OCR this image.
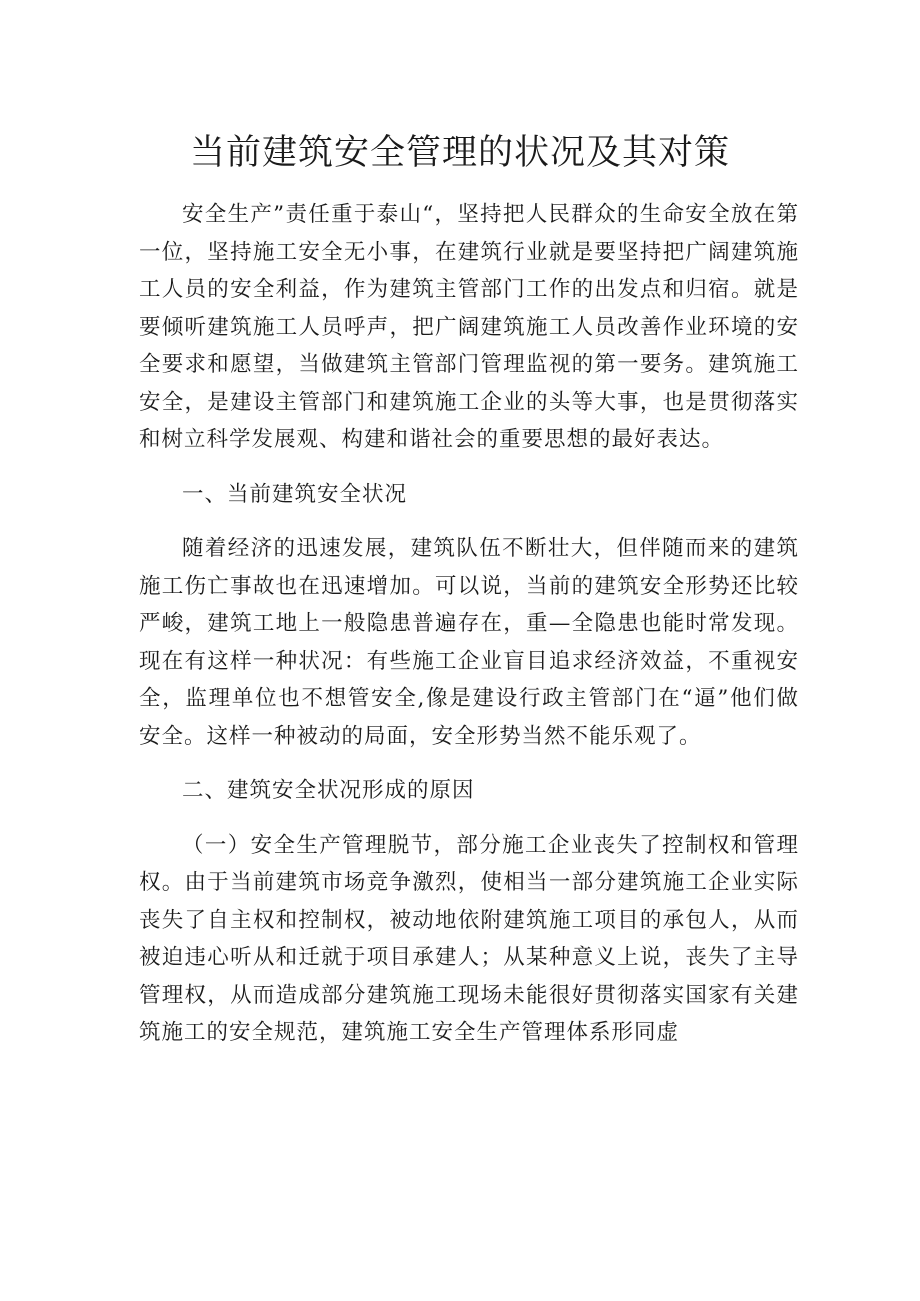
当前建筑安全管理的状况及其对策

安全生产”责任重于泰山“，坚持把人民群众的生命安全放在第一位，坚持施工安全无小事，在建筑行业就是要坚持把广阔建筑施工人员的安全利益，作为建筑主管部门工作的出发点和归宿。就是要倾听建筑施工人员呼声，把广阔建筑施工人员改善作业环境的安全要求和愿望，当做建筑主管部门管理监视的第一要务。建筑施工安全，是建设主管部门和建筑施工企业的头等大事，也是贯彻落实和树立科学发展观、构建和谐社会的重要思想的最好表达。

一、当前建筑安全状况

随着经济的迅速发展，建筑队伍不断壮大，但伴随而来的建筑施工伤亡事故也在迅速增加。可以说，当前的建筑安全形势还比较严峻，建筑工地上一般隐患普遍存在，重—全隐患也能时常发现。现在有这样一种状况：有些施工企业盲目追求经济效益，不重视安全，监理单位也不想管安全,像是建设行政主管部门在“逼”他们做安全。这样一种被动的局面，安全形势当然不能乐观了。

二、建筑安全状况形成的原因

（一）安全生产管理脱节，部分施工企业丧失了控制权和管理权。由于当前建筑市场竞争激烈，使相当一部分建筑施工企业实际丧失了自主权和控制权，被动地依附建筑施工项目的承包人，从而被迫违心听从和迁就于项目承建人；从某种意义上说，丧失了主导管理权，从而造成部分建筑施工现场未能很好贯彻落实国家有关建筑施工的安全规范，建筑施工安全生产管理体系形同虚
